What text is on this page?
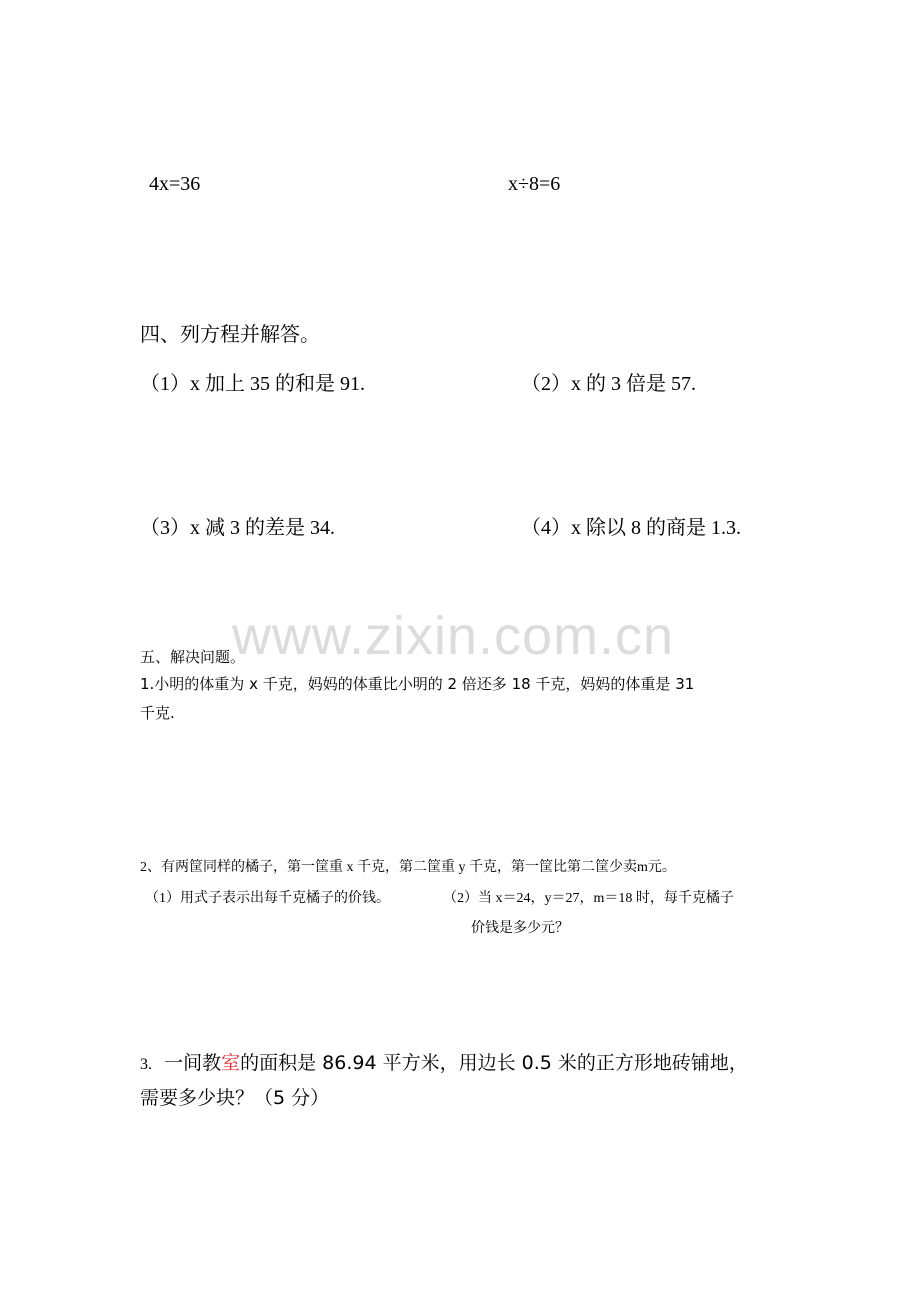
4x=36	x÷8=6
四、列方程并解答。
（1）x 加上 35 的和是 91.	（2）x 的 3 倍是 57.
（3）x 减 3 的差是 34.	（4）x 除以 8 的商是 1.3.
www.zixin.com.cn
五、解决问题。
1.小明的体重为 x 千克，妈妈的体重比小明的 2 倍还多 18 千克，妈妈的体重是 31
千克.
2、有两筐同样的橘子，第一筐重 x 千克，第二筐重 y 千克，第一筐比第二筐少卖m元。
（1）用式子表示出每千克橘子的价钱。	（2）当 x＝24，y＝27，m＝18 时，每千克橘子
价钱是多少元？
3. 一间教室的面积是 86.94 平方米，用边长 0.5 米的正方形地砖铺地，
需要多少块？（5 分）
